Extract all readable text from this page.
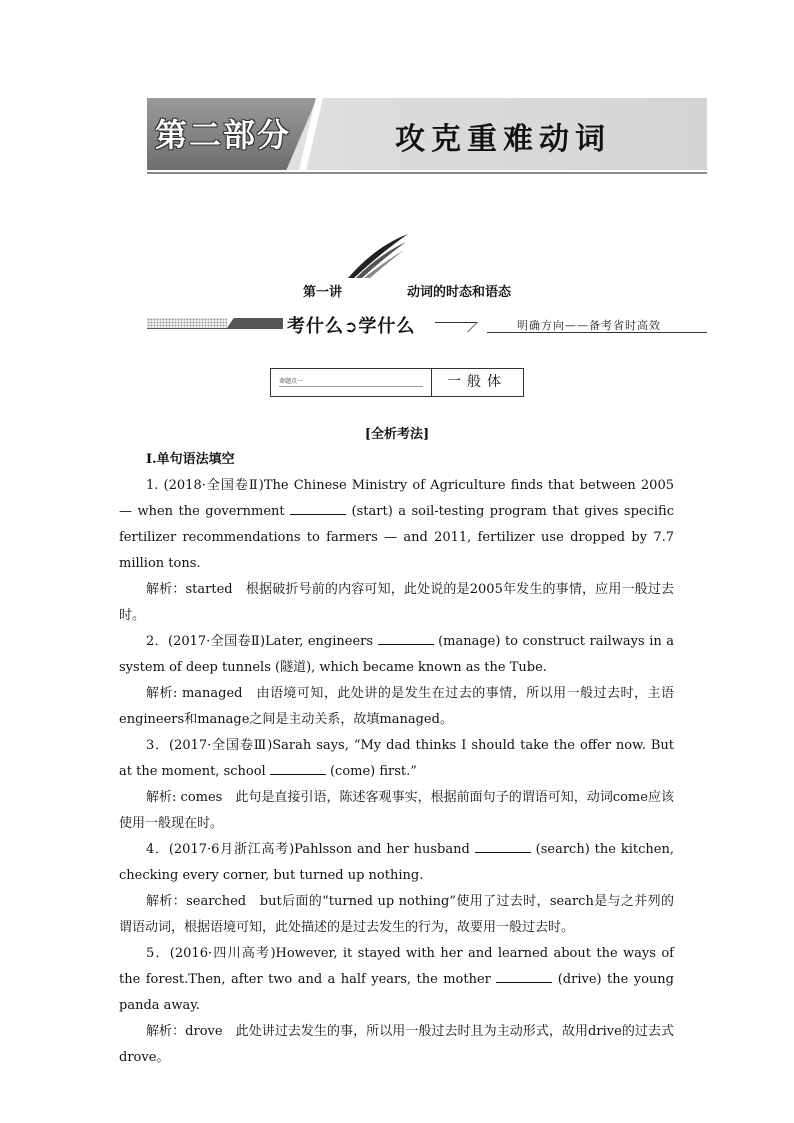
第二部分	攻克重难动词
第一讲	动词的时态和语态
考什么➲学什么	明确方向——备考省时高效
命题点一	一般体
[全析考法]

Ⅰ.单句语法填空

1. (2018·全国卷Ⅱ)The Chinese Ministry of Agriculture finds that between 2005 — when the government	(start) a soil-testing program that gives specific fertilizer recommendations to farmers — and 2011, fertilizer use dropped by 7.7 million tons.

解析：started　根据破折号前的内容可知，此处说的是2005年发生的事情，应用一般过去时。

2．(2017·全国卷Ⅱ)Later, engineers	(manage) to construct railways in a system of deep tunnels (隧道), which became known as the Tube.

解析: managed　由语境可知，此处讲的是发生在过去的事情，所以用一般过去时，主语engineers和manage之间是主动关系，故填managed。

3．(2017·全国卷Ⅲ)Sarah says, “My dad thinks I should take the offer now. But at the moment, school	(come) first.”

解析: comes　此句是直接引语，陈述客观事实，根据前面句子的谓语可知，动词come应该使用一般现在时。

4．(2017·6月浙江高考)Pahlsson and her husband	(search) the kitchen, checking every corner, but turned up nothing.

解析：searched　but后面的“turned up nothing”使用了过去时，search是与之并列的谓语动词，根据语境可知，此处描述的是过去发生的行为，故要用一般过去时。

5．(2016·四川高考)However, it stayed with her and learned about the ways of the forest.Then, after two and a half years, the mother	(drive) the young panda away.

解析：drove　此处讲过去发生的事，所以用一般过去时且为主动形式，故用drive的过去式drove。
